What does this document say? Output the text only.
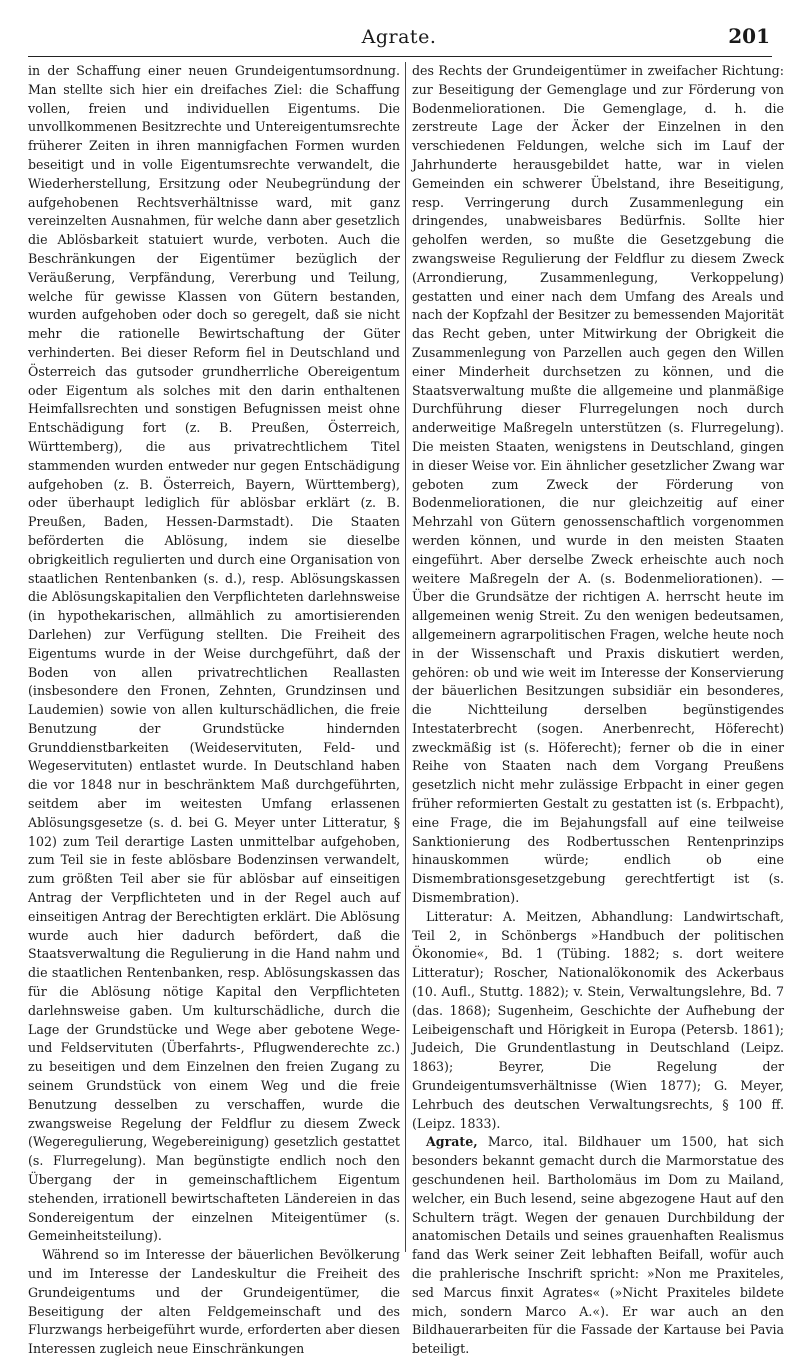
Agrate.	201

in der Schaffung einer neuen Grundeigentumsordnung. Man stellte sich hier ein dreifaches Ziel: die Schaffung vollen, freien und individuellen Eigentums. Die unvollkommenen Besitzrechte und Untereigentumsrechte früherer Zeiten in ihren mannigfachen Formen wurden beseitigt und in volle Eigentumsrechte verwandelt, die Wiederherstellung, Ersitzung oder Neubegründung der aufgehobenen Rechtsverhältnisse ward, mit ganz vereinzelten Ausnahmen, für welche dann aber gesetzlich die Ablösbarkeit statuiert wurde, verboten. Auch die Beschränkungen der Eigentümer bezüglich der Veräußerung, Verpfändung, Vererbung und Teilung, welche für gewisse Klassen von Gütern bestanden, wurden aufgehoben oder doch so geregelt, daß sie nicht mehr die rationelle Bewirtschaftung der Güter verhinderten. Bei dieser Reform fiel in Deutschland und Österreich das gutsoder grundherrliche Obereigentum oder Eigentum als solches mit den darin enthaltenen Heimfallsrechten und sonstigen Befugnissen meist ohne Entschädigung fort (z. B. Preußen, Österreich, Württemberg), die aus privatrechtlichem Titel stammenden wurden entweder nur gegen Entschädigung aufgehoben (z. B. Österreich, Bayern, Württemberg), oder überhaupt lediglich für ablösbar erklärt (z. B. Preußen, Baden, Hessen-Darmstadt). Die Staaten beförderten die Ablösung, indem sie dieselbe obrigkeitlich regulierten und durch eine Organisation von staatlichen Rentenbanken (s. d.), resp. Ablösungskassen die Ablösungskapitalien den Verpflichteten darlehnsweise (in hypothekarischen, allmählich zu amortisierenden Darlehen) zur Verfügung stellten. Die Freiheit des Eigentums wurde in der Weise durchgeführt, daß der Boden von allen privatrechtlichen Reallasten (insbesondere den Fronen, Zehnten, Grundzinsen und Laudemien) sowie von allen kulturschädlichen, die freie Benutzung der Grundstücke hindernden Grunddienstbarkeiten (Weideservituten, Feld- und Wegeservituten) entlastet wurde. In Deutschland haben die vor 1848 nur in beschränktem Maß durchgeführten, seitdem aber im weitesten Umfang erlassenen Ablösungsgesetze (s. d. bei G. Meyer unter Litteratur, § 102) zum Teil derartige Lasten unmittelbar aufgehoben, zum Teil sie in feste ablösbare Bodenzinsen verwandelt, zum größten Teil aber sie für ablösbar auf einseitigen Antrag der Verpflichteten und in der Regel auch auf einseitigen Antrag der Berechtigten erklärt. Die Ablösung wurde auch hier dadurch befördert, daß die Staatsverwaltung die Regulierung in die Hand nahm und die staatlichen Rentenbanken, resp. Ablösungskassen das für die Ablösung nötige Kapital den Verpflichteten darlehnsweise gaben. Um kulturschädliche, durch die Lage der Grundstücke und Wege aber gebotene Wege- und Feldservituten (Überfahrts-, Pflugwenderechte zc.) zu beseitigen und dem Einzelnen den freien Zugang zu seinem Grundstück von einem Weg und die freie Benutzung desselben zu verschaffen, wurde die zwangsweise Regelung der Feldflur zu diesem Zweck (Wegeregulierung, Wegebereinigung) gesetzlich gestattet (s. Flurregelung). Man begünstigte endlich noch den Übergang der in gemeinschaftlichem Eigentum stehenden, irrationell bewirtschafteten Ländereien in das Sondereigentum der einzelnen Miteigentümer (s. Gemeinheitsteilung).

Während so im Interesse der bäuerlichen Bevölkerung und im Interesse der Landeskultur die Freiheit des Grundeigentums und der Grundeigentümer, die Beseitigung der alten Feldgemeinschaft und des Flurzwangs herbeigeführt wurde, erforderten aber diesen Interessen zugleich neue Einschränkungen

des Rechts der Grundeigentümer in zweifacher Richtung: zur Beseitigung der Gemenglage und zur Förderung von Bodenmeliorationen. Die Gemenglage, d. h. die zerstreute Lage der Äcker der Einzelnen in den verschiedenen Feldungen, welche sich im Lauf der Jahrhunderte herausgebildet hatte, war in vielen Gemeinden ein schwerer Übelstand, ihre Beseitigung, resp. Verringerung durch Zusammenlegung ein dringendes, unabweisbares Bedürfnis. Sollte hier geholfen werden, so mußte die Gesetzgebung die zwangsweise Regulierung der Feldflur zu diesem Zweck (Arrondierung, Zusammenlegung, Verkoppelung) gestatten und einer nach dem Umfang des Areals und nach der Kopfzahl der Besitzer zu bemessenden Majorität das Recht geben, unter Mitwirkung der Obrigkeit die Zusammenlegung von Parzellen auch gegen den Willen einer Minderheit durchsetzen zu können, und die Staatsverwaltung mußte die allgemeine und planmäßige Durchführung dieser Flurregelungen noch durch anderweitige Maßregeln unterstützen (s. Flurregelung). Die meisten Staaten, wenigstens in Deutschland, gingen in dieser Weise vor. Ein ähnlicher gesetzlicher Zwang war geboten zum Zweck der Förderung von Bodenmeliorationen, die nur gleichzeitig auf einer Mehrzahl von Gütern genossenschaftlich vorgenommen werden können, und wurde in den meisten Staaten eingeführt. Aber derselbe Zweck erheischte auch noch weitere Maßregeln der A. (s. Bodenmeliorationen). — Über die Grundsätze der richtigen A. herrscht heute im allgemeinen wenig Streit. Zu den wenigen bedeutsamen, allgemeinern agrarpolitischen Fragen, welche heute noch in der Wissenschaft und Praxis diskutiert werden, gehören: ob und wie weit im Interesse der Konservierung der bäuerlichen Besitzungen subsidiär ein besonderes, die Nichtteilung derselben begünstigendes Intestaterbrecht (sogen. Anerbenrecht, Höferecht) zweckmäßig ist (s. Höferecht); ferner ob die in einer Reihe von Staaten nach dem Vorgang Preußens gesetzlich nicht mehr zulässige Erbpacht in einer gegen früher reformierten Gestalt zu gestatten ist (s. Erbpacht), eine Frage, die im Bejahungsfall auf eine teilweise Sanktionierung des Rodbertusschen Rentenprinzips hinauskommen würde; endlich ob eine Dismembrationsgesetzgebung gerechtfertigt ist (s. Dismembration).

Litteratur: A. Meitzen, Abhandlung: Landwirtschaft, Teil 2, in Schönbergs »Handbuch der politischen Ökonomie«, Bd. 1 (Tübing. 1882; s. dort weitere Litteratur); Roscher, Nationalökonomik des Ackerbaus (10. Aufl., Stuttg. 1882); v. Stein, Verwaltungslehre, Bd. 7 (das. 1868); Sugenheim, Geschichte der Aufhebung der Leibeigenschaft und Hörigkeit in Europa (Petersb. 1861); Judeich, Die Grundentlastung in Deutschland (Leipz. 1863); Beyrer, Die Regelung der Grundeigentumsverhältnisse (Wien 1877); G. Meyer, Lehrbuch des deutschen Verwaltungsrechts, § 100 ff. (Leipz. 1833).

Agrate, Marco, ital. Bildhauer um 1500, hat sich besonders bekannt gemacht durch die Marmorstatue des geschundenen heil. Bartholomäus im Dom zu Mailand, welcher, ein Buch lesend, seine abgezogene Haut auf den Schultern trägt. Wegen der genauen Durchbildung der anatomischen Details und seines grauenhaften Realismus fand das Werk seiner Zeit lebhaften Beifall, wofür auch die prahlerische Inschrift spricht: »Non me Praxiteles, sed Marcus finxit Agrates« (»Nicht Praxiteles bildete mich, sondern Marco A.«). Er war auch an den Bildhauerarbeiten für die Fassade der Kartause bei Pavia beteiligt.
